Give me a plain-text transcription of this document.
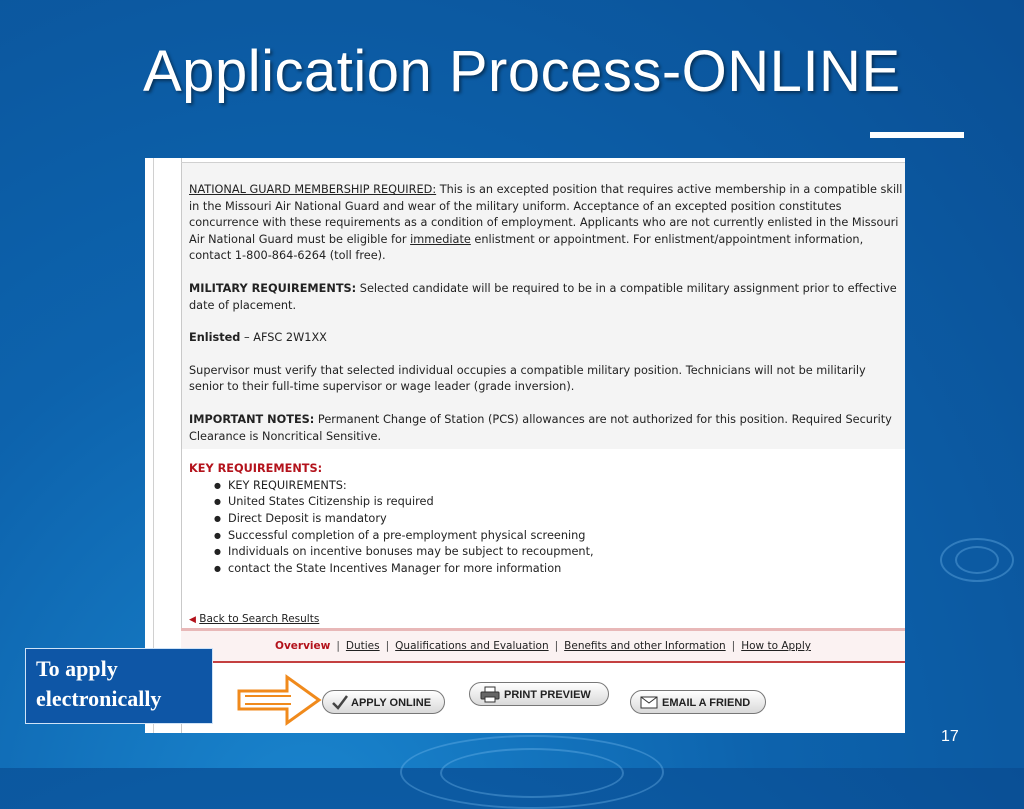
Application Process-ONLINE

NATIONAL GUARD MEMBERSHIP REQUIRED: This is an excepted position that requires active membership in a compatible skill in the Missouri Air National Guard and wear of the military uniform. Acceptance of an excepted position constitutes concurrence with these requirements as a condition of employment. Applicants who are not currently enlisted in the Missouri Air National Guard must be eligible for immediate enlistment or appointment. For enlistment/appointment information, contact 1-800-864-6264 (toll free).

MILITARY REQUIREMENTS: Selected candidate will be required to be in a compatible military assignment prior to effective date of placement.

Enlisted – AFSC 2W1XX

Supervisor must verify that selected individual occupies a compatible military position. Technicians will not be militarily senior to their full-time supervisor or wage leader (grade inversion).

IMPORTANT NOTES: Permanent Change of Station (PCS) allowances are not authorized for this position. Required Security Clearance is Noncritical Sensitive.

KEY REQUIREMENTS:
● KEY REQUIREMENTS:
● United States Citizenship is required
● Direct Deposit is mandatory
● Successful completion of a pre-employment physical screening
● Individuals on incentive bonuses may be subject to recoupment,
● contact the State Incentives Manager for more information
◀ Back to Search Results
Overview | Duties | Qualifications and Evaluation | Benefits and other Information | How to Apply
APPLY ONLINE
PRINT PREVIEW
EMAIL A FRIEND
To apply electronically
17
